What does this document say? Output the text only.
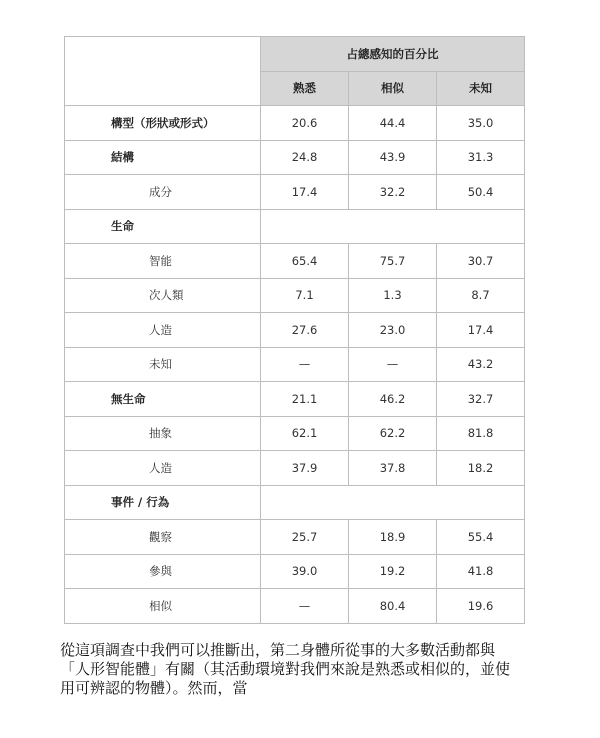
	占總感知的百分比		
	熟悉	相似	未知
構型（形狀或形式）	20.6	44.4	35.0
結構	24.8	43.9	31.3
成分	17.4	32.2	50.4
生命			
智能	65.4	75.7	30.7
次人類	7.1	1.3	8.7
人造	27.6	23.0	17.4
未知	—	—	43.2
無生命	21.1	46.2	32.7
抽象	62.1	62.2	81.8
人造	37.9	37.8	18.2
事件 / 行為			
觀察	25.7	18.9	55.4
參與	39.0	19.2	41.8
相似	—	80.4	19.6

從這項調查中我們可以推斷出，第二身體所從事的大多數活動都與
「人形智能體」有關（其活動環境對我們來說是熟悉或相似的，並使
用可辨認的物體）。然而，當
